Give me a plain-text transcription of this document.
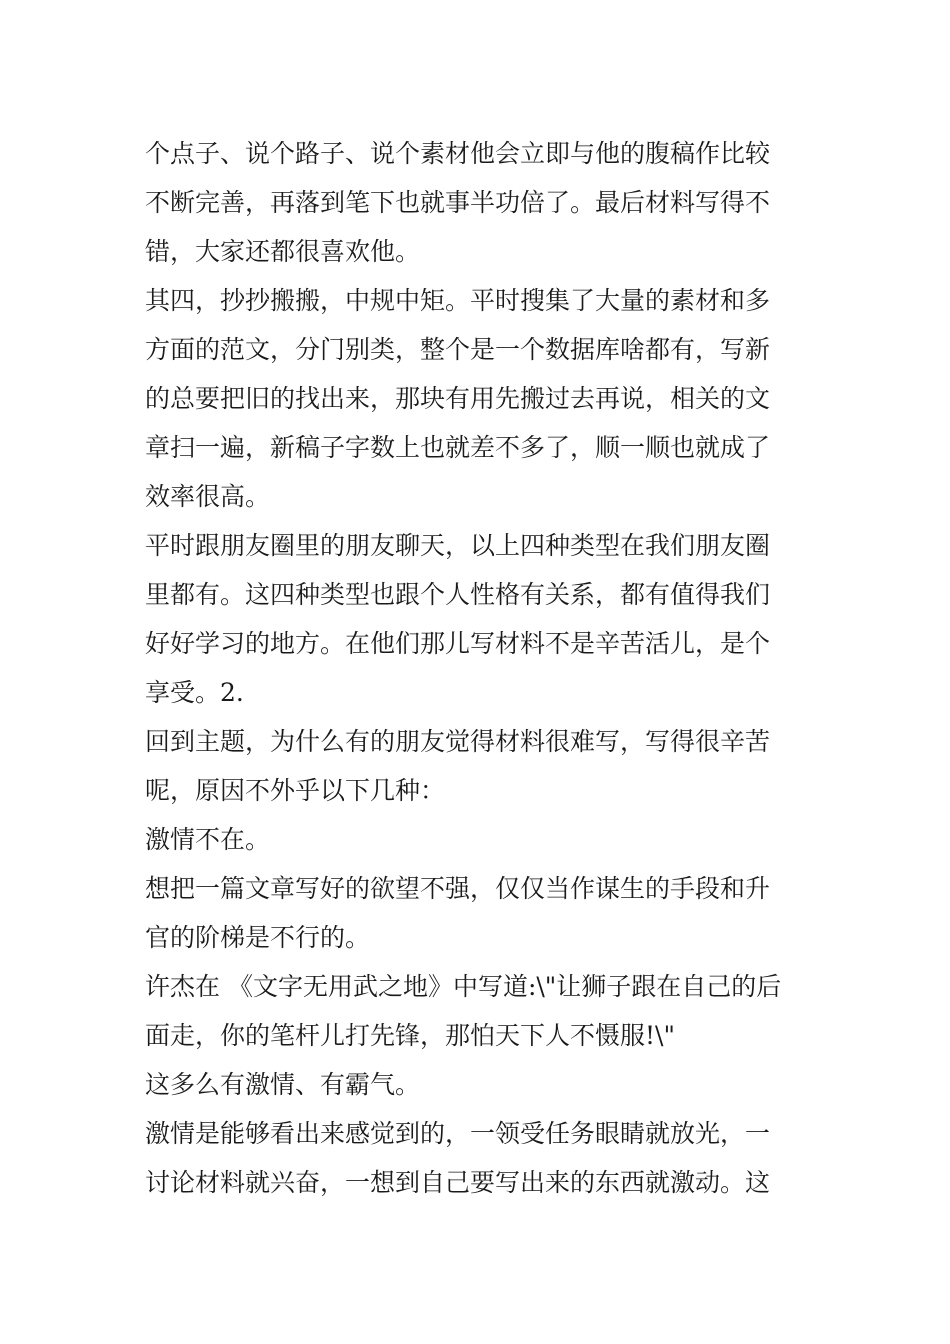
个点子、说个路子、说个素材他会立即与他的腹稿作比较
不断完善，再落到笔下也就事半功倍了。最后材料写得不
错，大家还都很喜欢他。

其四，抄抄搬搬，中规中矩。平时搜集了大量的素材和多
方面的范文，分门别类，整个是一个数据库啥都有，写新
的总要把旧的找出来，那块有用先搬过去再说，相关的文
章扫一遍，新稿子字数上也就差不多了，顺一顺也就成了
效率很高。

平时跟朋友圈里的朋友聊天，以上四种类型在我们朋友圈
里都有。这四种类型也跟个人性格有关系，都有值得我们
好好学习的地方。在他们那儿写材料不是辛苦活儿，是个
享受。2.

回到主题，为什么有的朋友觉得材料很难写，写得很辛苦
呢，原因不外乎以下几种：

激情不在。

想把一篇文章写好的欲望不强，仅仅当作谋生的手段和升
官的阶梯是不行的。

许杰在 《文字无用武之地》中写道:\"让狮子跟在自己的后
面走，你的笔杆儿打先锋，那怕天下人不慑服!\"

这多么有激情、有霸气。

激情是能够看出来感觉到的，一领受任务眼睛就放光，一
讨论材料就兴奋，一想到自己要写出来的东西就激动。这
